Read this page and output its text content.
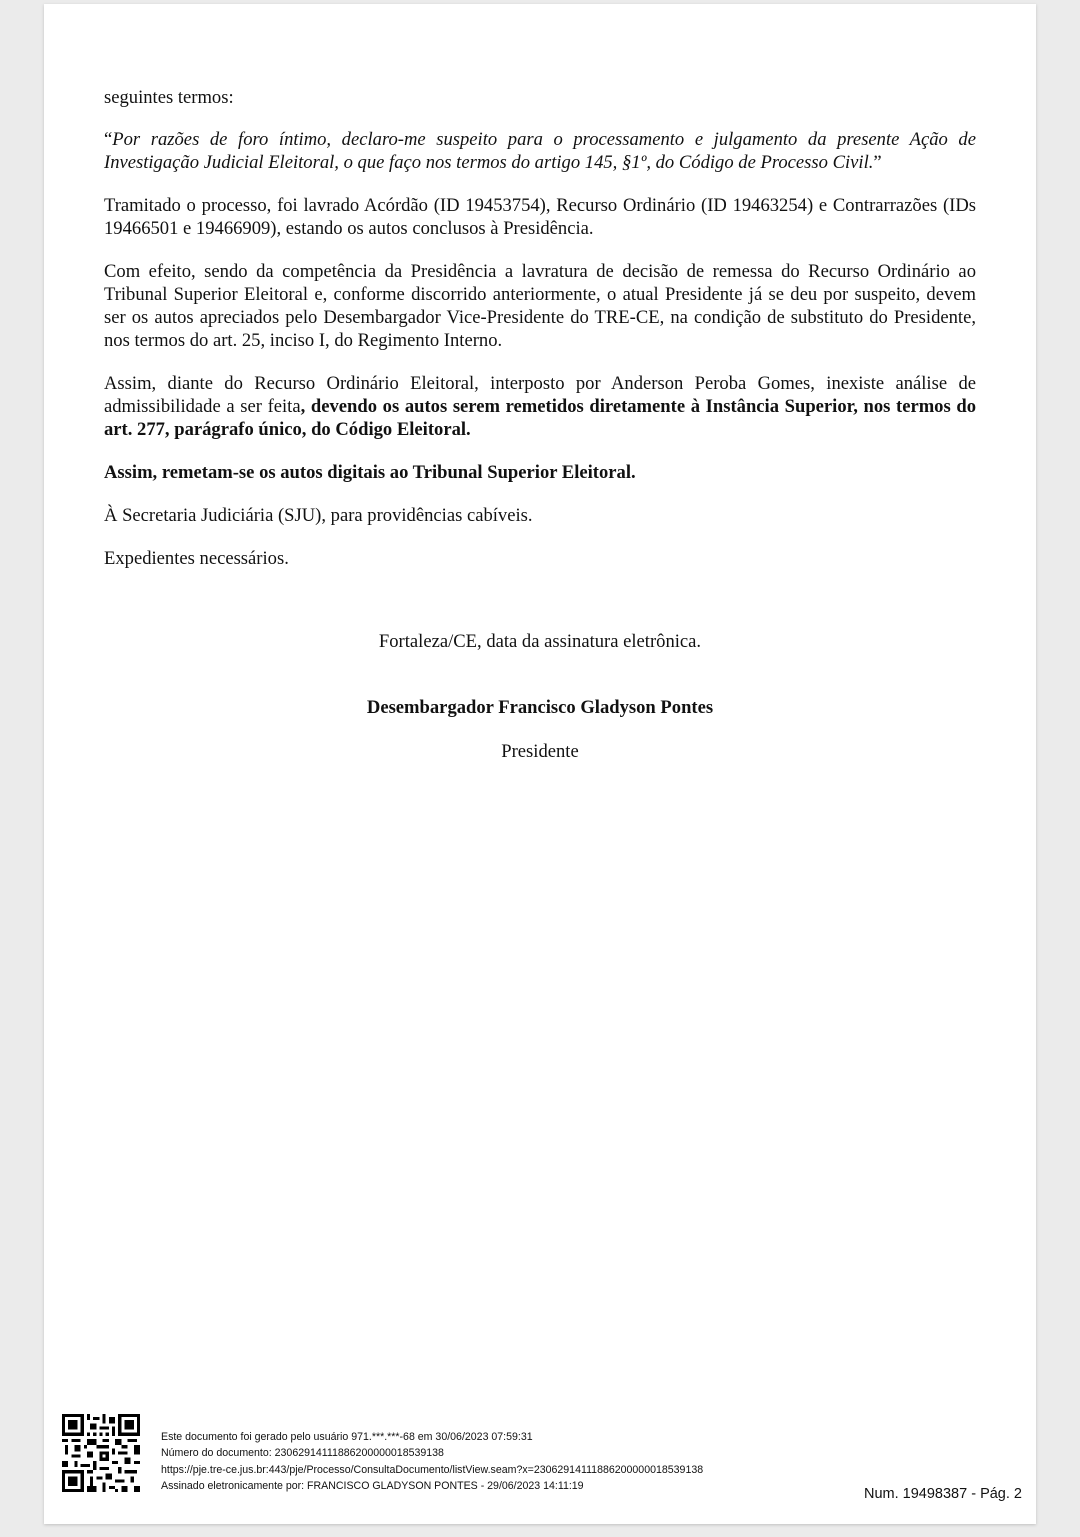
seguintes termos:

“Por razões de foro íntimo, declaro-me suspeito para o processamento e julgamento da presente Ação de Investigação Judicial Eleitoral, o que faço nos termos do artigo 145, §1º, do Código de Processo Civil.”

Tramitado o processo, foi lavrado Acórdão (ID 19453754), Recurso Ordinário (ID 19463254) e Contrarrazões (IDs 19466501 e 19466909), estando os autos conclusos à Presidência.

Com efeito, sendo da competência da Presidência a lavratura de decisão de remessa do Recurso Ordinário ao Tribunal Superior Eleitoral e, conforme discorrido anteriormente, o atual Presidente já se deu por suspeito, devem ser os autos apreciados pelo Desembargador Vice-Presidente do TRE-CE, na condição de substituto do Presidente, nos termos do art. 25, inciso I, do Regimento Interno.

Assim, diante do Recurso Ordinário Eleitoral, interposto por Anderson Peroba Gomes, inexiste análise de admissibilidade a ser feita, devendo os autos serem remetidos diretamente à Instância Superior, nos termos do art. 277, parágrafo único, do Código Eleitoral.

Assim, remetam-se os autos digitais ao Tribunal Superior Eleitoral.

À Secretaria Judiciária (SJU), para providências cabíveis.

Expedientes necessários.

Fortaleza/CE, data da assinatura eletrônica.
Desembargador Francisco Gladyson Pontes
Presidente
Este documento foi gerado pelo usuário 971.***.***-68 em 30/06/2023 07:59:31
Número do documento: 23062914111886200000018539138
https://pje.tre-ce.jus.br:443/pje/Processo/ConsultaDocumento/listView.seam?x=23062914111886200000018539138
Assinado eletronicamente por: FRANCISCO GLADYSON PONTES - 29/06/2023 14:11:19
Num. 19498387 - Pág. 2
